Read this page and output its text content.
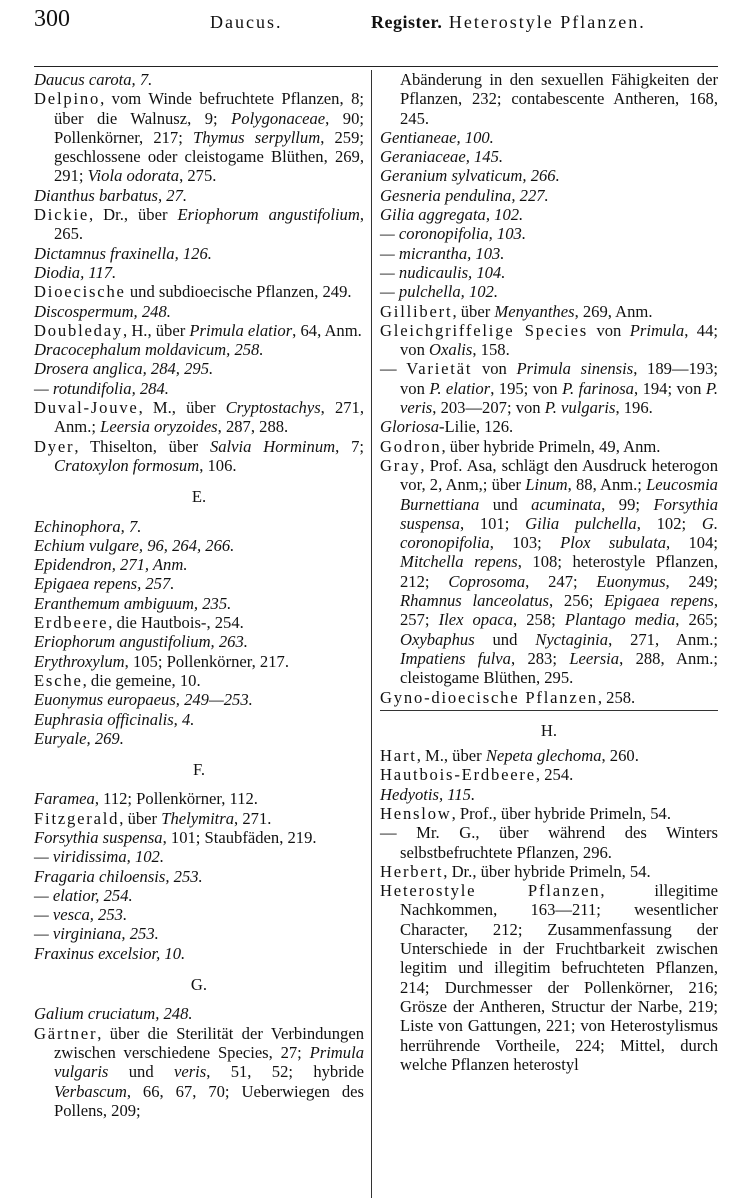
300	Daucus.	Register. Heterostyle Pflanzen.
Daucus carota, 7.
Delpino, vom Winde befruchtete Pflanzen, 8; über die Walnusz, 9; Polygonaceae, 90; Pollenkörner, 217; Thymus serpyllum, 259; geschlossene oder cleistogame Blüthen, 269, 291; Viola odorata, 275.
Dianthus barbatus, 27.
Dickie, Dr., über Eriophorum angustifolium, 265.
Dictamnus fraxinella, 126.
Diodia, 117.
Dioecische und subdioecische Pflanzen, 249.
Discospermum, 248.
Doubleday, H., über Primula elatior, 64, Anm.
Dracocephalum moldavicum, 258.
Drosera anglica, 284, 295.
— rotundifolia, 284.
Duval-Jouve, M., über Cryptostachys, 271, Anm.; Leersia oryzoides, 287, 288.
Dyer, Thiselton, über Salvia Horminum, 7; Cratoxylon formosum, 106.
E.
Echinophora, 7.
Echium vulgare, 96, 264, 266.
Epidendron, 271, Anm.
Epigaea repens, 257.
Eranthemum ambiguum, 235.
Erdbeere, die Hautbois-, 254.
Eriophorum angustifolium, 263.
Erythroxylum, 105; Pollenkörner, 217.
Esche, die gemeine, 10.
Euonymus europaeus, 249—253.
Euphrasia officinalis, 4.
Euryale, 269.
F.
Faramea, 112; Pollenkörner, 112.
Fitzgerald, über Thelymitra, 271.
Forsythia suspensa, 101; Staubfäden, 219.
— viridissima, 102.
Fragaria chiloensis, 253.
— elatior, 254.
— vesca, 253.
— virginiana, 253.
Fraxinus excelsior, 10.
G.
Galium cruciatum, 248.
Gärtner, über die Sterilität der Verbindungen zwischen verschiedene Species, 27; Primula vulgaris und veris, 51, 52; hybride Verbascum, 66, 67, 70; Ueberwiegen des Pollens, 209;
Abänderung in den sexuellen Fähigkeiten der Pflanzen, 232; contabescente Antheren, 168, 245.
Gentianeae, 100.
Geraniaceae, 145.
Geranium sylvaticum, 266.
Gesneria pendulina, 227.
Gilia aggregata, 102.
— coronopifolia, 103.
— micrantha, 103.
— nudicaulis, 104.
— pulchella, 102.
Gillibert, über Menyanthes, 269, Anm.
Gleichgriffelige Species von Primula, 44; von Oxalis, 158.
— Varietät von Primula sinensis, 189—193; von P. elatior, 195; von P. farinosa, 194; von P. veris, 203—207; von P. vulgaris, 196.
Gloriosa-Lilie, 126.
Godron, über hybride Primeln, 49, Anm.
Gray, Prof. Asa, schlägt den Ausdruck heterogon vor, 2, Anm,; über Linum, 88, Anm.; Leucosmia Burnettiana und acuminata, 99; Forsythia suspensa, 101; Gilia pulchella, 102; G. coronopifolia, 103; Plox subulata, 104; Mitchella repens, 108; heterostyle Pflanzen, 212; Coprosoma, 247; Euonymus, 249; Rhamnus lanceolatus, 256; Epigaea repens, 257; Ilex opaca, 258; Plantago media, 265; Oxybaphus und Nyctaginia, 271, Anm.; Impatiens fulva, 283; Leersia, 288, Anm.; cleistogame Blüthen, 295.
Gyno-dioecische Pflanzen, 258.
H.
Hart, M., über Nepeta glechoma, 260.
Hautbois-Erdbeere, 254.
Hedyotis, 115.
Henslow, Prof., über hybride Primeln, 54.
— Mr. G., über während des Winters selbstbefruchtete Pflanzen, 296.
Herbert, Dr., über hybride Primeln, 54.
Heterostyle Pflanzen, illegitime Nachkommen, 163—211; wesentlicher Character, 212; Zusammenfassung der Unterschiede in der Fruchtbarkeit zwischen legitim und illegitim befruchteten Pflanzen, 214; Durchmesser der Pollenkörner, 216; Grösze der Antheren, Structur der Narbe, 219; Liste von Gattungen, 221; von Heterostylismus herrührende Vortheile, 224; Mittel, durch welche Pflanzen heterostyl
